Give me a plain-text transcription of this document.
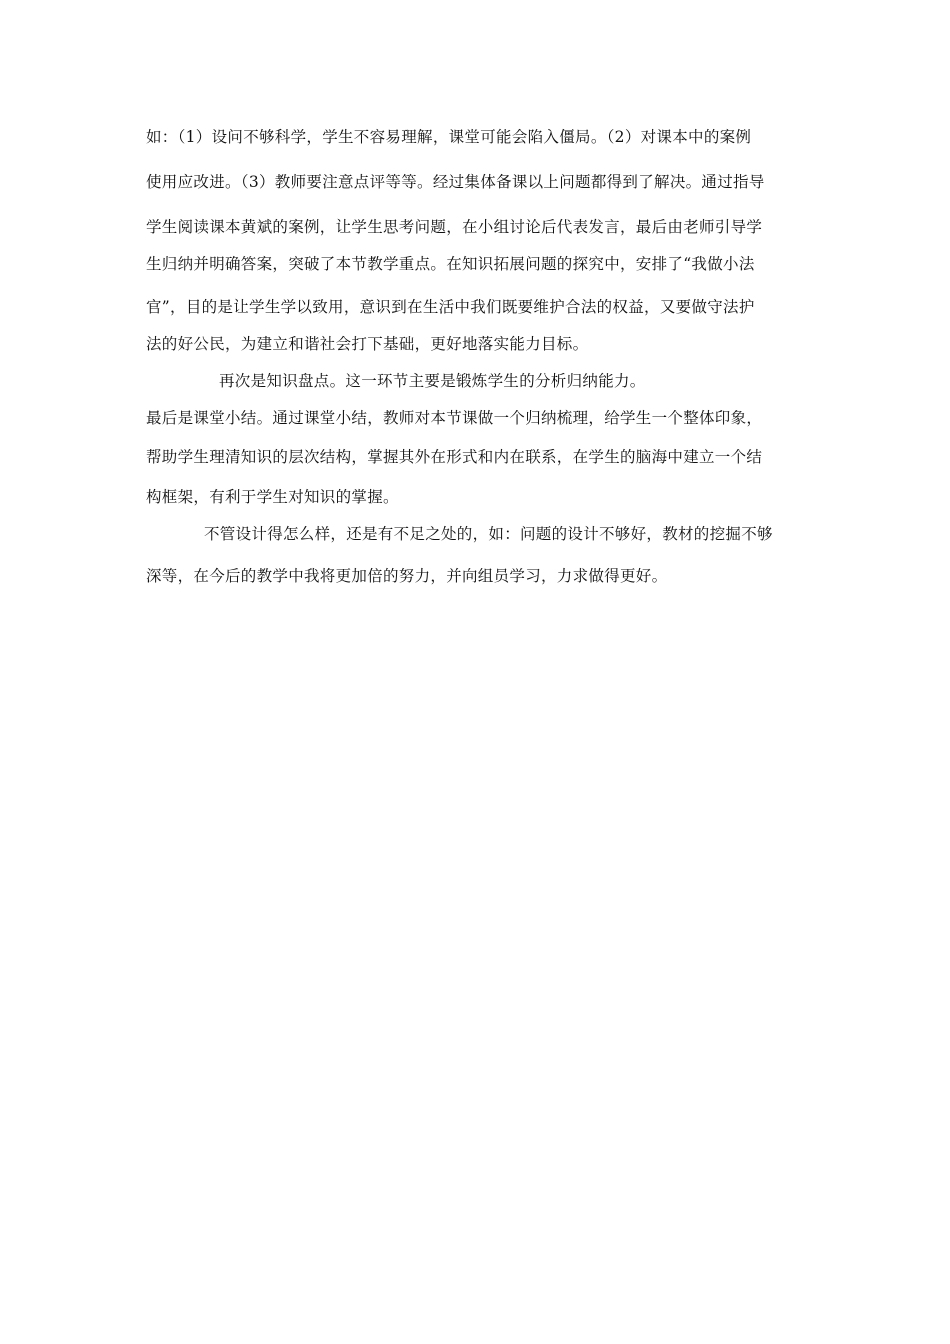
如：（1）设问不够科学，学生不容易理解，课堂可能会陷入僵局。（2）对课本中的案例
使用应改进。（3）教师要注意点评等等。经过集体备课以上问题都得到了解决。通过指导
学生阅读课本黄斌的案例，让学生思考问题，在小组讨论后代表发言，最后由老师引导学
生归纳并明确答案，突破了本节教学重点。在知识拓展问题的探究中，安排了“我做小法
官”，目的是让学生学以致用，意识到在生活中我们既要维护合法的权益，又要做守法护
法的好公民，为建立和谐社会打下基础，更好地落实能力目标。
再次是知识盘点。这一环节主要是锻炼学生的分析归纳能力。
最后是课堂小结。通过课堂小结，教师对本节课做一个归纳梳理，给学生一个整体印象，
帮助学生理清知识的层次结构，掌握其外在形式和内在联系，在学生的脑海中建立一个结
构框架，有利于学生对知识的掌握。
不管设计得怎么样，还是有不足之处的，如：问题的设计不够好，教材的挖掘不够
深等，在今后的教学中我将更加倍的努力，并向组员学习，力求做得更好。
